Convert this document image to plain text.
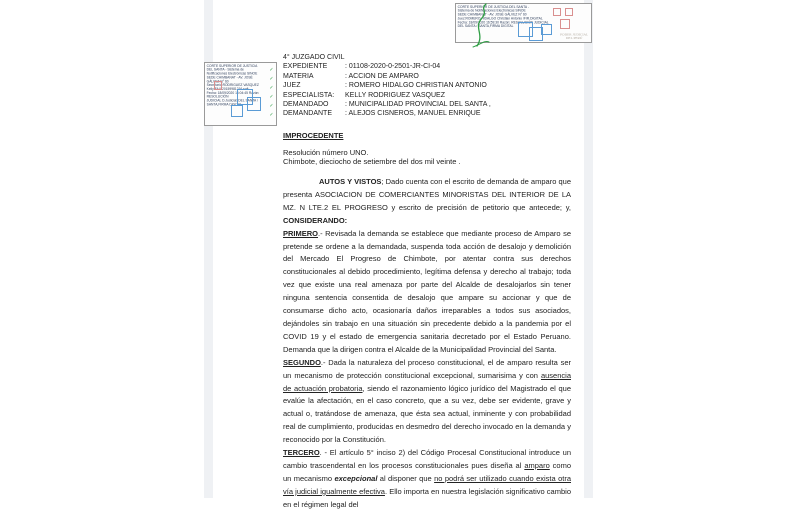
CORTE SUPERIOR DE JUSTICIA
DEL SANTA - Sistema de
Notificaciones Electrónicas SINOE
SEDE CHIMBANAT - AV. JOSÉ
GÁLVEZ N° 60
Secretario:RODRIGUEZ VASQUEZ
Kelly FAU 20159981216 soft
Fecha: 18/09/2020 16:04:45 Razón:
RESOLUCIÓN
JUDICIAL D.Judicial: DEL SANTA /
SANTA,FIRMA DIGITAL
✓
✓
✓
✓
✓
✓
CORTE SUPERIOR DE JUSTICIA DEL SANTA -
Sistema de Notificaciones Electrónicas SINOE
SEDE CHIMBANAT - AV. JOSÉ GÁLVEZ N° 60
Juez:ROMERO HIDALGO Christian Antonio /FIR.DIGITAL
Fecha: 18/09/2020 16:59:30 Razón: RESOLUCIÓN JUDICIAL
DEL SANTA / SANTA,FIRMA DIGITAL
PODER JUDICIAL
DEL PERÚ
4° JUZGADO CIVIL
EXPEDIENTE	: 01108-2020-0-2501-JR-CI-04
MATERIA	: ACCION DE AMPARO
JUEZ	: ROMERO HIDALGO CHRISTIAN ANTONIO
ESPECIALISTA: KELLY RODRIGUEZ VASQUEZ
DEMANDADO : MUNICIPALIDAD PROVINCIAL DEL SANTA ,
DEMANDANTE : ALEJOS CISNEROS, MANUEL ENRIQUE
IMPROCEDENTE
Resolución número UNO.
Chimbote, dieciocho de setiembre del dos mil veinte .

AUTOS Y VISTOS; Dado cuenta con el escrito de demanda de amparo que presenta ASOCIACION DE COMERCIANTES MINORISTAS DEL INTERIOR DE LA MZ. N LTE.2 EL PROGRESO y escrito de precisión de petitorio que antecede; y, CONSIDERANDO:

PRIMERO.- Revisada la demanda se establece que mediante proceso de Amparo se pretende se ordene a la demandada, suspenda toda acción de desalojo y demolición del Mercado El Progreso de Chimbote, por atentar contra sus derechos constitucionales al debido procedimiento, legítima defensa y derecho al trabajo; toda vez que existe una real amenaza por parte del Alcalde de desalojarlos sin tener ninguna sentencia consentida de desalojo que ampare su accionar y que de consumarse dicho acto, ocasionaría daños irreparables a todos sus asociados, dejándoles sin trabajo en una situación sin precedente debido a la pandemia por el COVID 19 y el estado de emergencia sanitaria decretado por el Estado Peruano. Demanda que la dirigen contra el Alcalde de la Municipalidad Provincial del Santa.

SEGUNDO.- Dada la naturaleza del proceso constitucional, el de amparo resulta ser un mecanismo de protección constitucional excepcional, sumarisima y con ausencia de actuación probatoria, siendo el razonamiento lógico jurídico del Magistrado el que evalúe la afectación, en el caso concreto, que a su vez, debe ser evidente, grave y actual o, tratándose de amenaza, que ésta sea actual, inminente y con probabilidad real de cumplimiento, producidas en desmedro del derecho invocado en la demanda y reconocido por la Constitución.

TERCERO. - El artículo 5° inciso 2) del Código Procesal Constitucional introduce un cambio trascendental en los procesos constitucionales pues diseña al amparo como un mecanismo excepcional al disponer que no podrá ser utilizado cuando exista otra vía judicial igualmente efectiva. Ello importa en nuestra legislación significativo cambio en el régimen legal del
